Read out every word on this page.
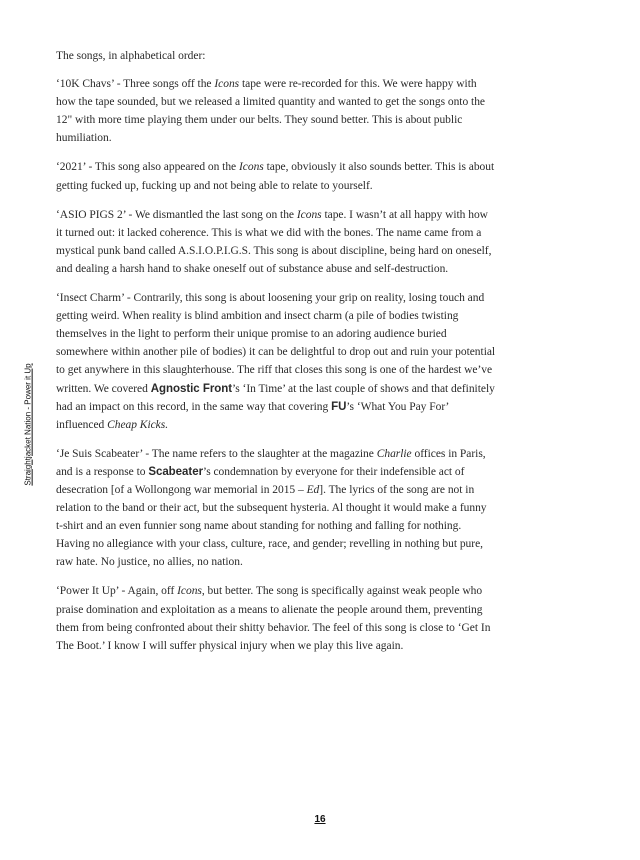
Straightjacket Nation - Power it Up

The songs, in alphabetical order:

‘10K Chavs’ - Three songs off the Icons tape were re-recorded for this. We were happy with how the tape sounded, but we released a limited quantity and wanted to get the songs onto the 12" with more time playing them under our belts. They sound better. This is about public humiliation.

‘2021’ - This song also appeared on the Icons tape, obviously it also sounds better. This is about getting fucked up, fucking up and not being able to relate to yourself.

‘ASIO PIGS 2’ - We dismantled the last song on the Icons tape. I wasn’t at all happy with how it turned out: it lacked coherence. This is what we did with the bones. The name came from a mystical punk band called A.S.I.O.P.I.G.S. This song is about discipline, being hard on oneself, and dealing a harsh hand to shake oneself out of substance abuse and self-destruction.

‘Insect Charm’ - Contrarily, this song is about loosening your grip on reality, losing touch and getting weird. When reality is blind ambition and insect charm (a pile of bodies twisting themselves in the light to perform their unique promise to an adoring audience buried somewhere within another pile of bodies) it can be delightful to drop out and ruin your potential to get anywhere in this slaughterhouse. The riff that closes this song is one of the hardest we’ve written. We covered Agnostic Front’s ‘In Time’ at the last couple of shows and that definitely had an impact on this record, in the same way that covering FU’s ‘What You Pay For’ influenced Cheap Kicks.

‘Je Suis Scabeater’ - The name refers to the slaughter at the magazine Charlie offices in Paris, and is a response to Scabeater’s condemnation by everyone for their indefensible act of desecration [of a Wollongong war memorial in 2015 – Ed]. The lyrics of the song are not in relation to the band or their act, but the subsequent hysteria. Al thought it would make a funny t-shirt and an even funnier song name about standing for nothing and falling for nothing. Having no allegiance with your class, culture, race, and gender; revelling in nothing but pure, raw hate. No justice, no allies, no nation.

‘Power It Up’ - Again, off Icons, but better. The song is specifically against weak people who praise domination and exploitation as a means to alienate the people around them, preventing them from being confronted about their shitty behavior. The feel of this song is close to ‘Get In The Boot.’ I know I will suffer physical injury when we play this live again.

16
